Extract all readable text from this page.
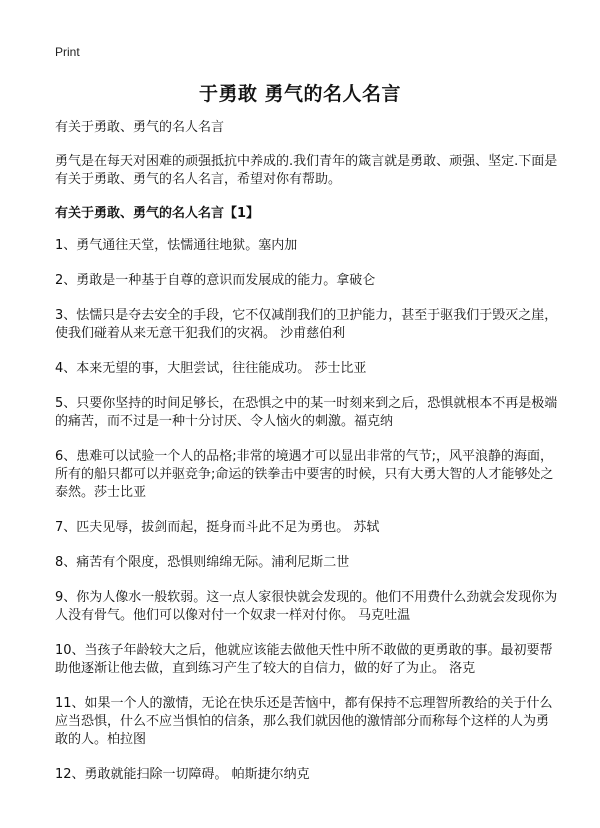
Print
于勇敢 勇气的名人名言

有关于勇敢、勇气的名人名言

勇气是在每天对困难的顽强抵抗中养成的.我们青年的箴言就是勇敢、顽强、坚定.下面是有关于勇敢、勇气的名人名言，希望对你有帮助。

有关于勇敢、勇气的名人名言【1】

1、勇气通往天堂，怯懦通往地狱。塞内加

2、勇敢是一种基于自尊的意识而发展成的能力。拿破仑

3、怯懦只是夺去安全的手段，它不仅减削我们的卫护能力，甚至于驱我们于毁灭之崖，使我们碰着从来无意干犯我们的灾祸。 沙甫慈伯利

4、本来无望的事，大胆尝试，往往能成功。 莎士比亚

5、只要你坚持的时间足够长，在恐惧之中的某一时刻来到之后，恐惧就根本不再是极端的痛苦，而不过是一种十分讨厌、令人恼火的刺激。福克纳

6、患难可以试验一个人的品格;非常的境遇才可以显出非常的气节;，风平浪静的海面，所有的船只都可以并驱竞争;命运的铁拳击中要害的时候，只有大勇大智的人才能够处之泰然。莎士比亚

7、匹夫见辱，拔剑而起，挺身而斗此不足为勇也。 苏轼

8、痛苦有个限度，恐惧则绵绵无际。浦利尼斯二世

9、你为人像水一般软弱。这一点人家很快就会发现的。他们不用费什么劲就会发现你为人没有骨气。他们可以像对付一个奴隶一样对付你。 马克吐温

10、当孩子年龄较大之后，他就应该能去做他天性中所不敢做的更勇敢的事。最初要帮助他逐渐让他去做，直到练习产生了较大的自信力，做的好了为止。 洛克

11、如果一个人的激情，无论在快乐还是苦恼中，都有保持不忘理智所教给的关于什么应当恐惧，什么不应当惧怕的信条，那么我们就因他的激情部分而称每个这样的人为勇敢的人。柏拉图

12、勇敢就能扫除一切障碍。 帕斯捷尔纳克
